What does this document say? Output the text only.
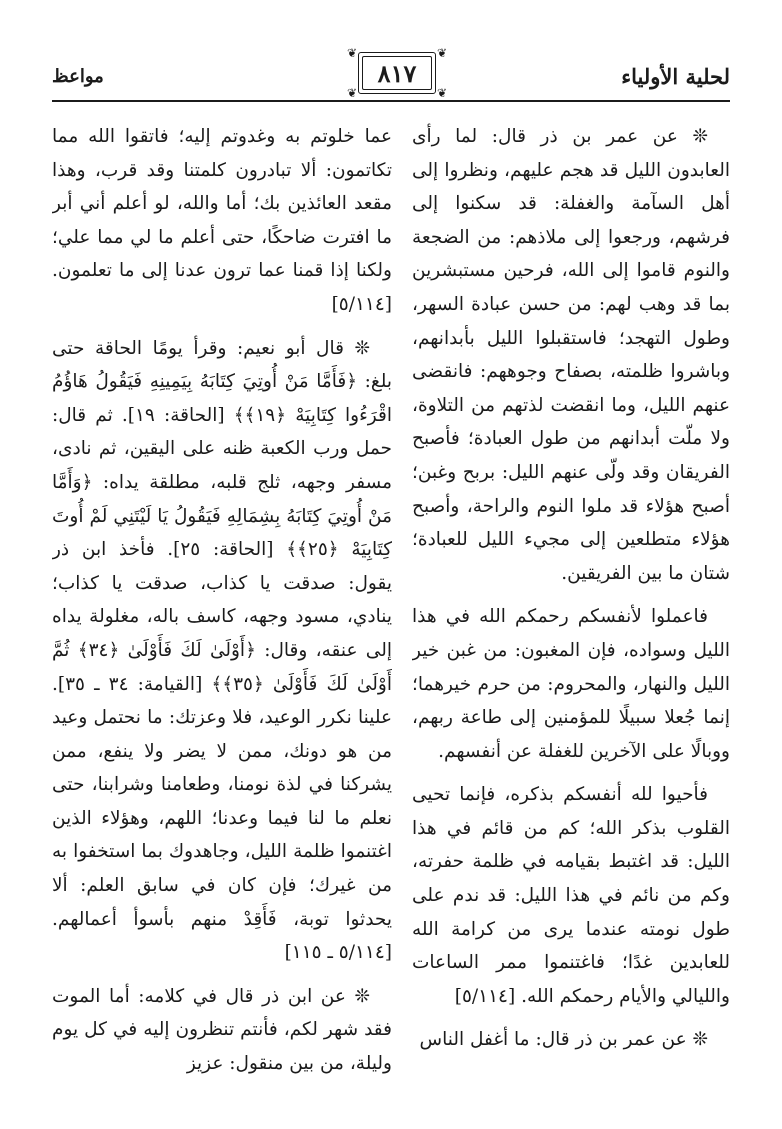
لحلية الأولياء
❦	❦
❦	❦
٨١٧
مواعظ

❊ عن عمر بن ذر قال: لما رأى العابدون الليل قد هجم عليهم، ونظروا إلى أهل السآمة والغفلة: قد سكنوا إلى فرشهم، ورجعوا إلى ملاذهم: من الضجعة والنوم قاموا إلى الله، فرحين مستبشرين بما قد وهب لهم: من حسن عبادة السهر، وطول التهجد؛ فاستقبلوا الليل بأبدانهم، وباشروا ظلمته، بصفاح وجوههم: فانقضى عنهم الليل، وما انقضت لذتهم من التلاوة، ولا ملّت أبدانهم من طول العبادة؛ فأصبح الفريقان وقد ولّى عنهم الليل: بربح وغبن؛ أصبح هؤلاء قد ملوا النوم والراحة، وأصبح هؤلاء متطلعين إلى مجيء الليل للعبادة؛ شتان ما بين الفريقين.

فاعملوا لأنفسكم رحمكم الله في هذا الليل وسواده، فإن المغبون: من غبن خير الليل والنهار، والمحروم: من حرم خيرهما؛ إنما جُعلا سبيلًا للمؤمنين إلى طاعة ربهم، ووبالًا على الآخرين للغفلة عن أنفسهم.

فأحيوا لله أنفسكم بذكره، فإنما تحيى القلوب بذكر الله؛ كم من قائم في هذا الليل: قد اغتبط بقيامه في ظلمة حفرته، وكم من نائم في هذا الليل: قد ندم على طول نومته عندما يرى من كرامة الله للعابدين غدًا؛ فاغتنموا ممر الساعات والليالي والأيام رحمكم الله. [٥/١١٤]

❊ عن عمر بن ذر قال: ما أغفل الناس

عما خلوتم به وغدوتم إليه؛ فاتقوا الله مما تكاتمون: ألا تبادرون كلمتنا وقد قرب، وهذا مقعد العائذين بك؛ أما والله، لو أعلم أني أبر ما افترت ضاحكًا، حتى أعلم ما لي مما علي؛ ولكنا إذا قمنا عما ترون عدنا إلى ما تعلمون. [٥/١١٤]

❊ قال أبو نعيم: وقرأ يومًا الحاقة حتى بلغ: ﴿فَأَمَّا مَنْ أُوتِيَ كِتَابَهُ بِيَمِينِهِ فَيَقُولُ هَاؤُمُ اقْرَءُوا كِتَابِيَهْ ﴿١٩﴾﴾ [الحاقة: ١٩]. ثم قال: حمل ورب الكعبة ظنه على اليقين، ثم نادى، مسفر وجهه، ثلج قلبه، مطلقة يداه: ﴿وَأَمَّا مَنْ أُوتِيَ كِتَابَهُ بِشِمَالِهِ فَيَقُولُ يَا لَيْتَنِي لَمْ أُوتَ كِتَابِيَهْ ﴿٢٥﴾﴾ [الحاقة: ٢٥]. فأخذ ابن ذر يقول: صدقت يا كذاب، صدقت يا كذاب؛ ينادي، مسود وجهه، كاسف باله، مغلولة يداه إلى عنقه، وقال: ﴿أَوْلَىٰ لَكَ فَأَوْلَىٰ ﴿٣٤﴾ ثُمَّ أَوْلَىٰ لَكَ فَأَوْلَىٰ ﴿٣٥﴾﴾ [القيامة: ٣٤ ـ ٣٥]. علينا نكرر الوعيد، فلا وعزتك: ما نحتمل وعيد من هو دونك، ممن لا يضر ولا ينفع، ممن يشركنا في لذة نومنا، وطعامنا وشرابنا، حتى نعلم ما لنا فيما وعدنا؛ اللهم، وهؤلاء الذين اغتنموا ظلمة الليل، وجاهدوك بما استخفوا به من غيرك؛ فإن كان في سابق العلم: ألا يحدثوا توبة، فَأَقِدْ منهم بأسوأ أعمالهم. [٥/١١٤ ـ ١١٥]

❊ عن ابن ذر قال في كلامه: أما الموت فقد شهر لكم، فأنتم تنظرون إليه في كل يوم وليلة، من بين منقول: عزيز
